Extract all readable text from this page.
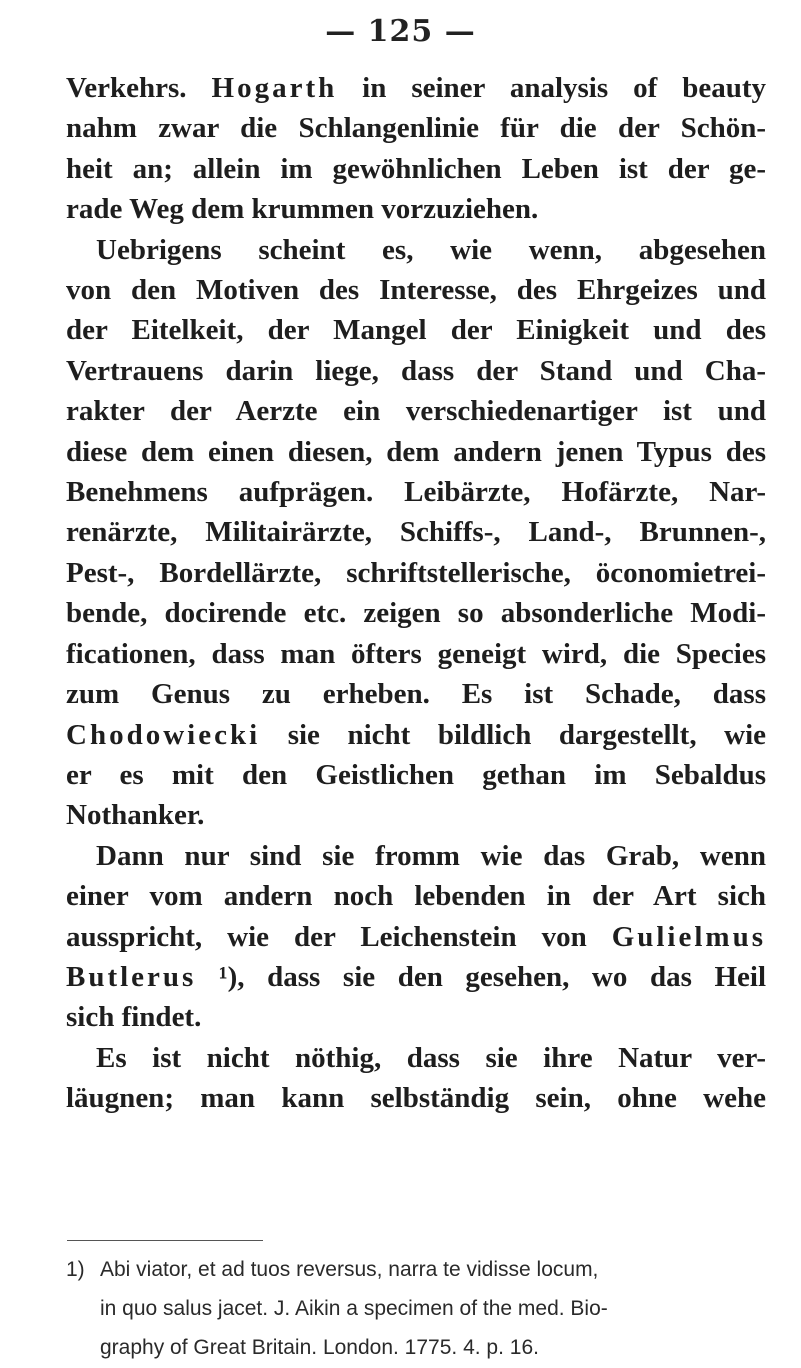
— 125 —
Verkehrs. Hogarth in seiner analysis of beauty
nahm zwar die Schlangenlinie für die der Schön-
heit an; allein im gewöhnlichen Leben ist der ge-
rade Weg dem krummen vorzuziehen.
Uebrigens scheint es, wie wenn, abgesehen
von den Motiven des Interesse, des Ehrgeizes und
der Eitelkeit, der Mangel der Einigkeit und des
Vertrauens darin liege, dass der Stand und Cha-
rakter der Aerzte ein verschiedenartiger ist und
diese dem einen diesen, dem andern jenen Typus des
Benehmens aufprägen. Leibärzte, Hofärzte, Nar-
renärzte, Militairärzte, Schiffs-, Land-, Brunnen-,
Pest-, Bordellärzte, schriftstellerische, öconomietrei-
bende, docirende etc. zeigen so absonderliche Modi-
ficationen, dass man öfters geneigt wird, die Species
zum Genus zu erheben. Es ist Schade, dass
Chodowiecki sie nicht bildlich dargestellt, wie
er es mit den Geistlichen gethan im Sebaldus
Nothanker.
Dann nur sind sie fromm wie das Grab, wenn
einer vom andern noch lebenden in der Art sich
ausspricht, wie der Leichenstein von Gulielmus
Butlerus ¹), dass sie den gesehen, wo das Heil
sich findet.
Es ist nicht nöthig, dass sie ihre Natur ver-
läugnen; man kann selbständig sein, ohne wehe
1) Abi viator, et ad tuos reversus, narra te vidisse locum,
in quo salus jacet. J. Aikin a specimen of the med. Bio-
graphy of Great Britain. London. 1775. 4. p. 16.
